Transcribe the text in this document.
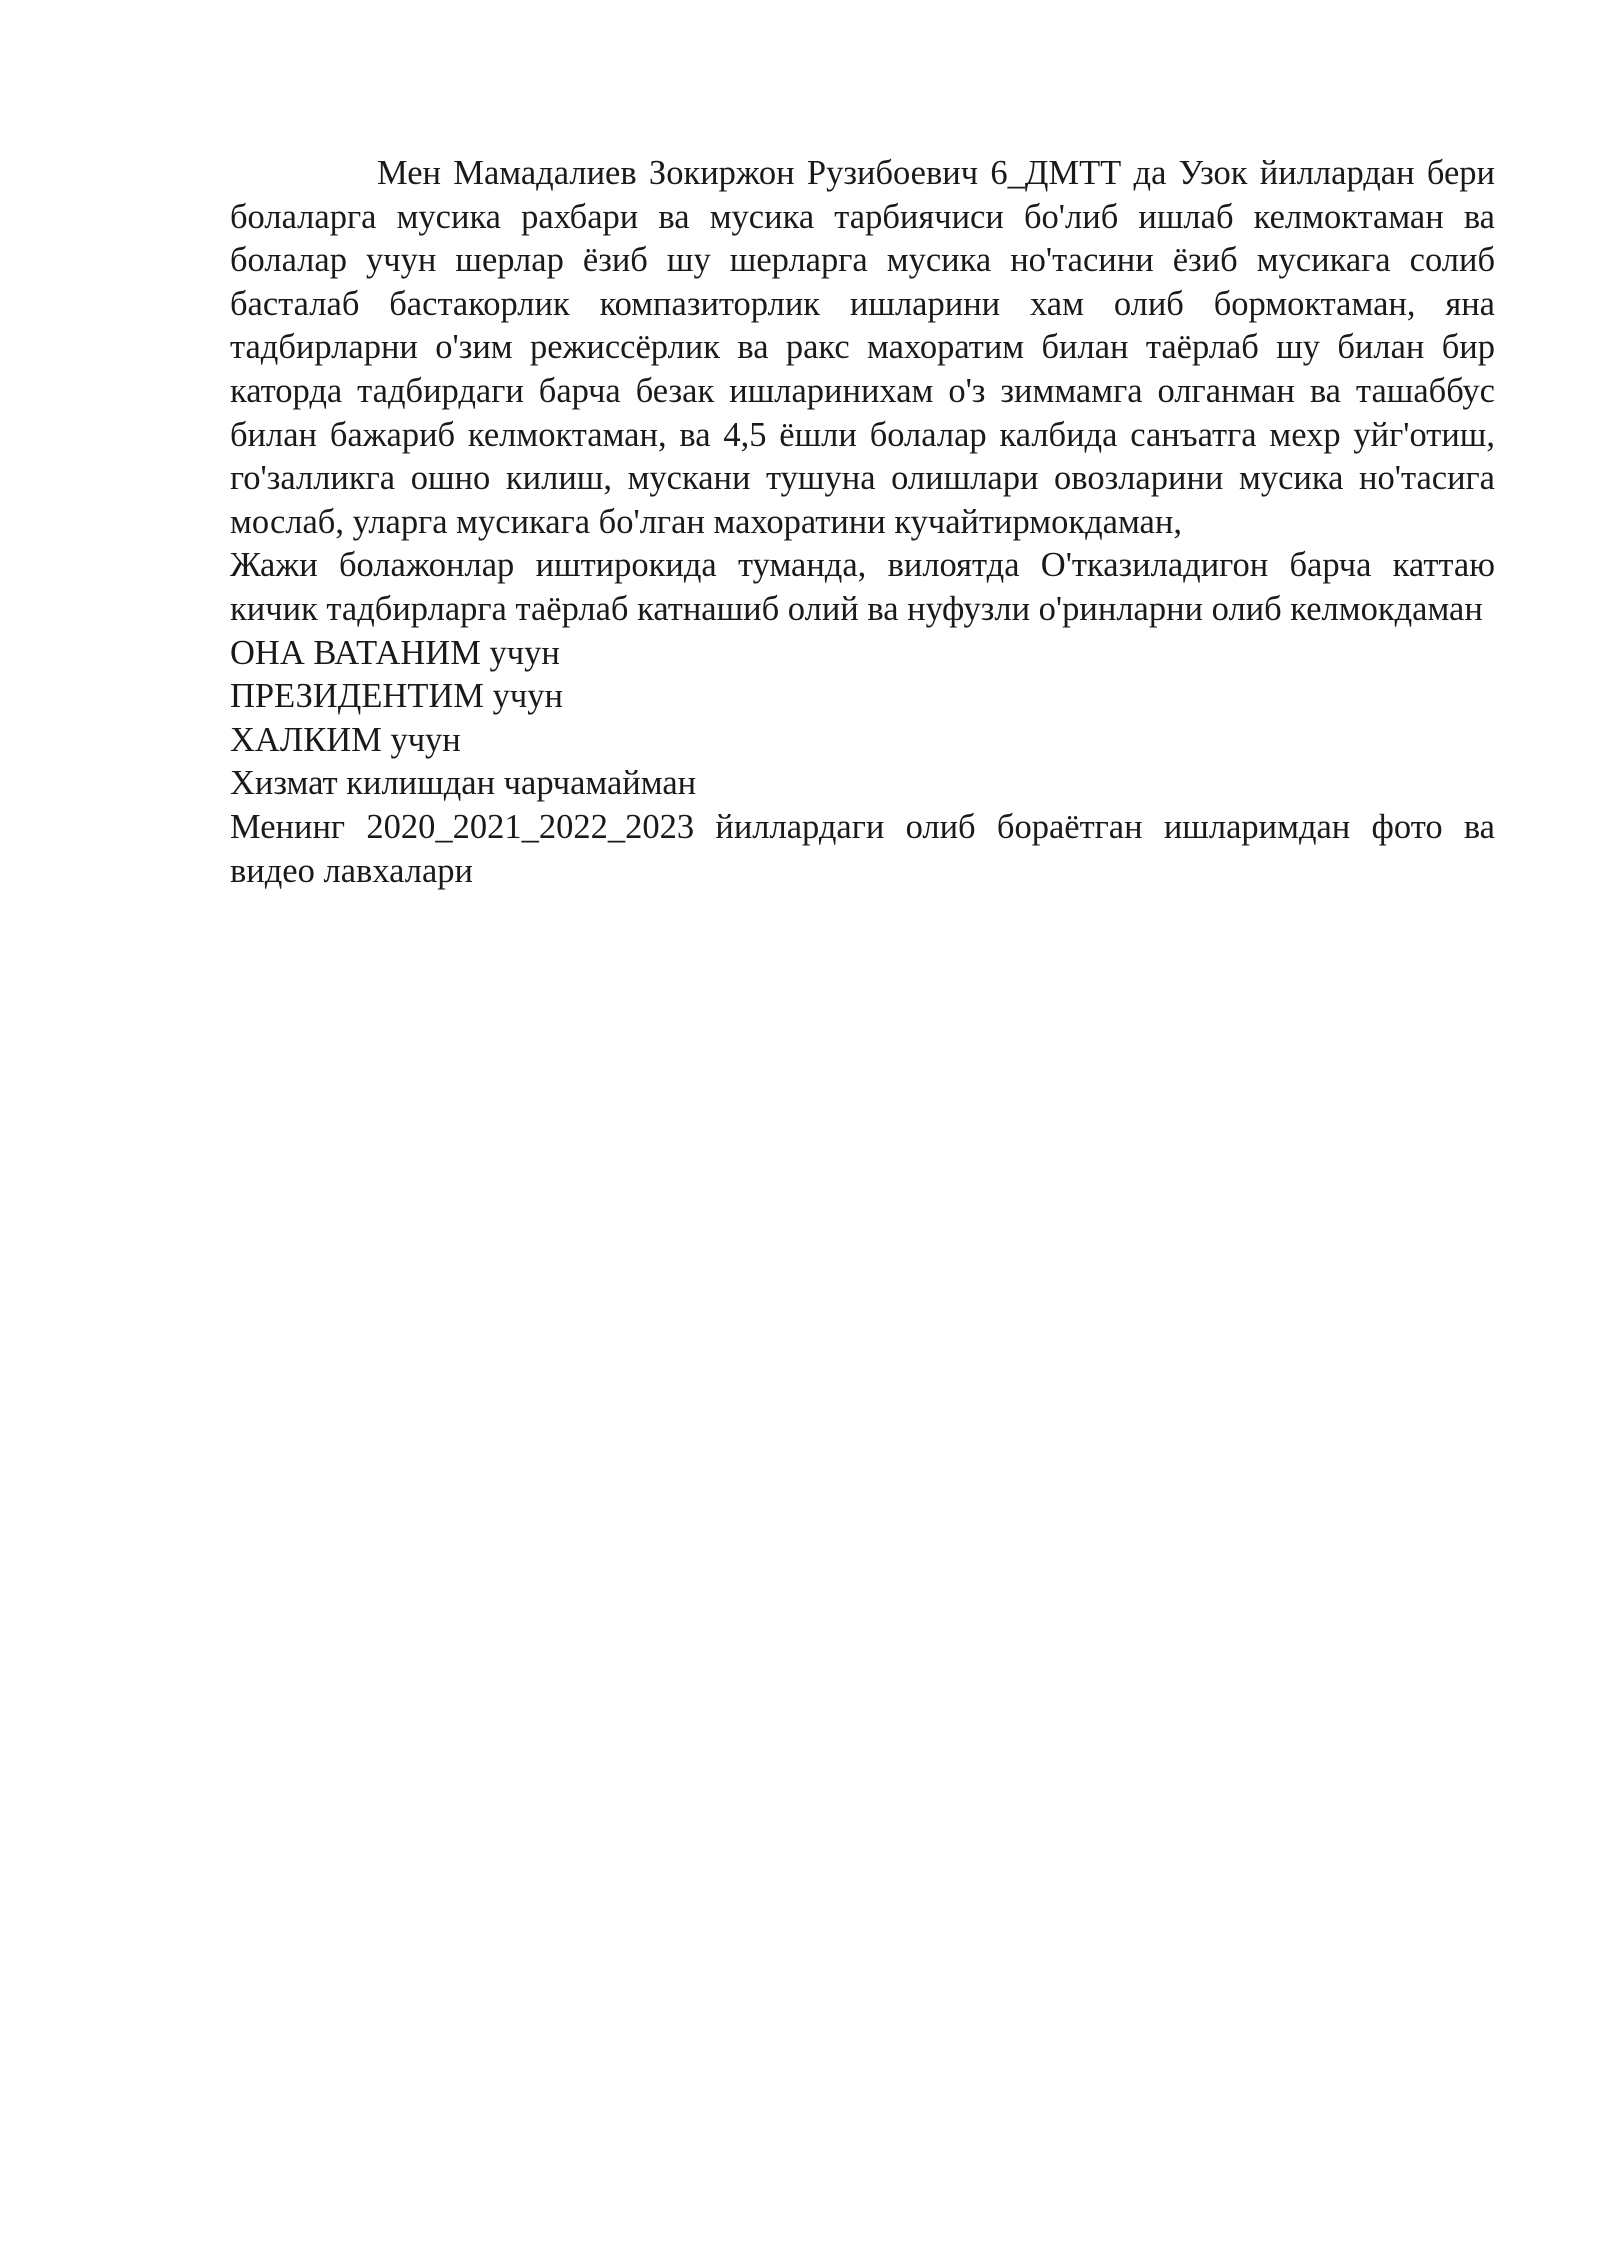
Мен Мамадалиев Зокиржон Рузибоевич 6_ДМТТ да Узок йиллардан бери болаларга мусика рахбари ва мусика тарбиячиси бо'либ ишлаб келмоктаман ва болалар учун шерлар ёзиб шу шерларга мусика но'тасини ёзиб мусикага солиб басталаб бастакорлик компазиторлик ишларини хам олиб бормоктаман, яна тадбирларни о'зим режиссёрлик ва ракс махоратим билан таёрлаб шу билан бир каторда тадбирдаги барча безак ишларинихам о'з зиммамга олганман ва ташаббус билан бажариб келмоктаман, ва 4,5 ёшли болалар калбида санъатга мехр уйг'отиш, го'залликга ошно килиш, мускани тушуна олишлари овозларини мусика но'тасига мослаб, уларга мусикага бо'лган махоратини кучайтирмокдаман,

Жажи болажонлар иштирокида туманда, вилоятда О'тказиладигон барча каттаю кичик тадбирларга таёрлаб катнашиб олий ва нуфузли о'ринларни олиб келмокдаман

ОНА ВАТАНИМ учун

ПРЕЗИДЕНТИМ учун

ХАЛКИМ учун

Хизмат килишдан чарчамайман

Менинг 2020_2021_2022_2023 йиллардаги олиб бораётган ишларимдан фото ва видео лавхалари
